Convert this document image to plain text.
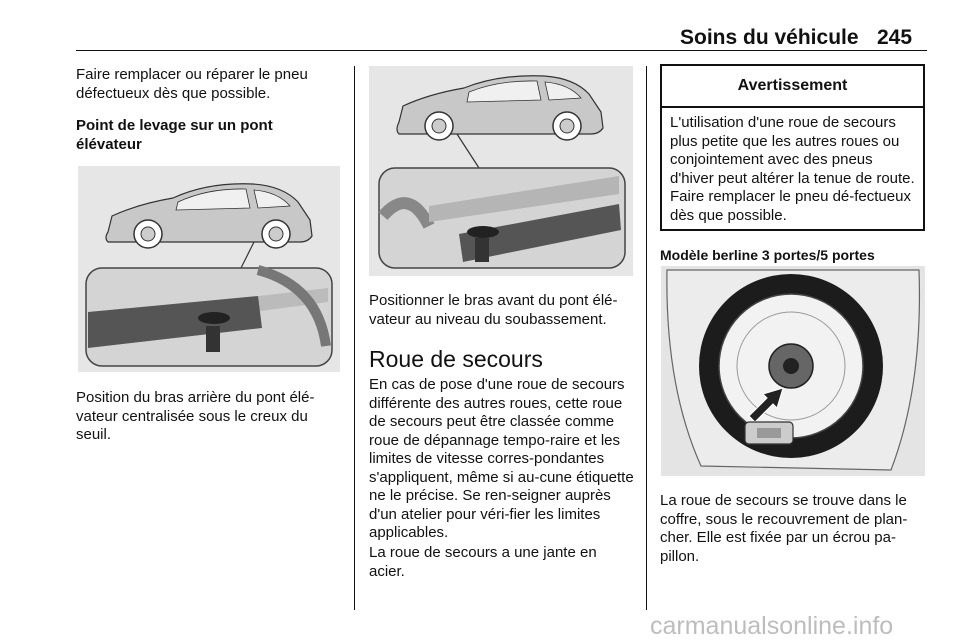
Soins du véhicule 245
Faire remplacer ou réparer le pneu défectueux dès que possible.
Point de levage sur un pont élévateur
Position du bras arrière du pont élé-vateur centralisée sous le creux du seuil.
Positionner le bras avant du pont élé-vateur au niveau du soubassement.
Roue de secours
En cas de pose d'une roue de secours différente des autres roues, cette roue de secours peut être classée comme roue de dépannage tempo-raire et les limites de vitesse corres-pondantes s'appliquent, même si au-cune étiquette ne le précise. Se ren-seigner auprès d'un atelier pour véri-fier les limites applicables.
La roue de secours a une jante en acier.
Avertissement
L'utilisation d'une roue de secours plus petite que les autres roues ou conjointement avec des pneus d'hiver peut altérer la tenue de route. Faire remplacer le pneu dé-fectueux dès que possible.
Modèle berline 3 portes/5 portes
La roue de secours se trouve dans le coffre, sous le recouvrement de plan-cher. Elle est fixée par un écrou pa-pillon.
carmanualsonline.info
